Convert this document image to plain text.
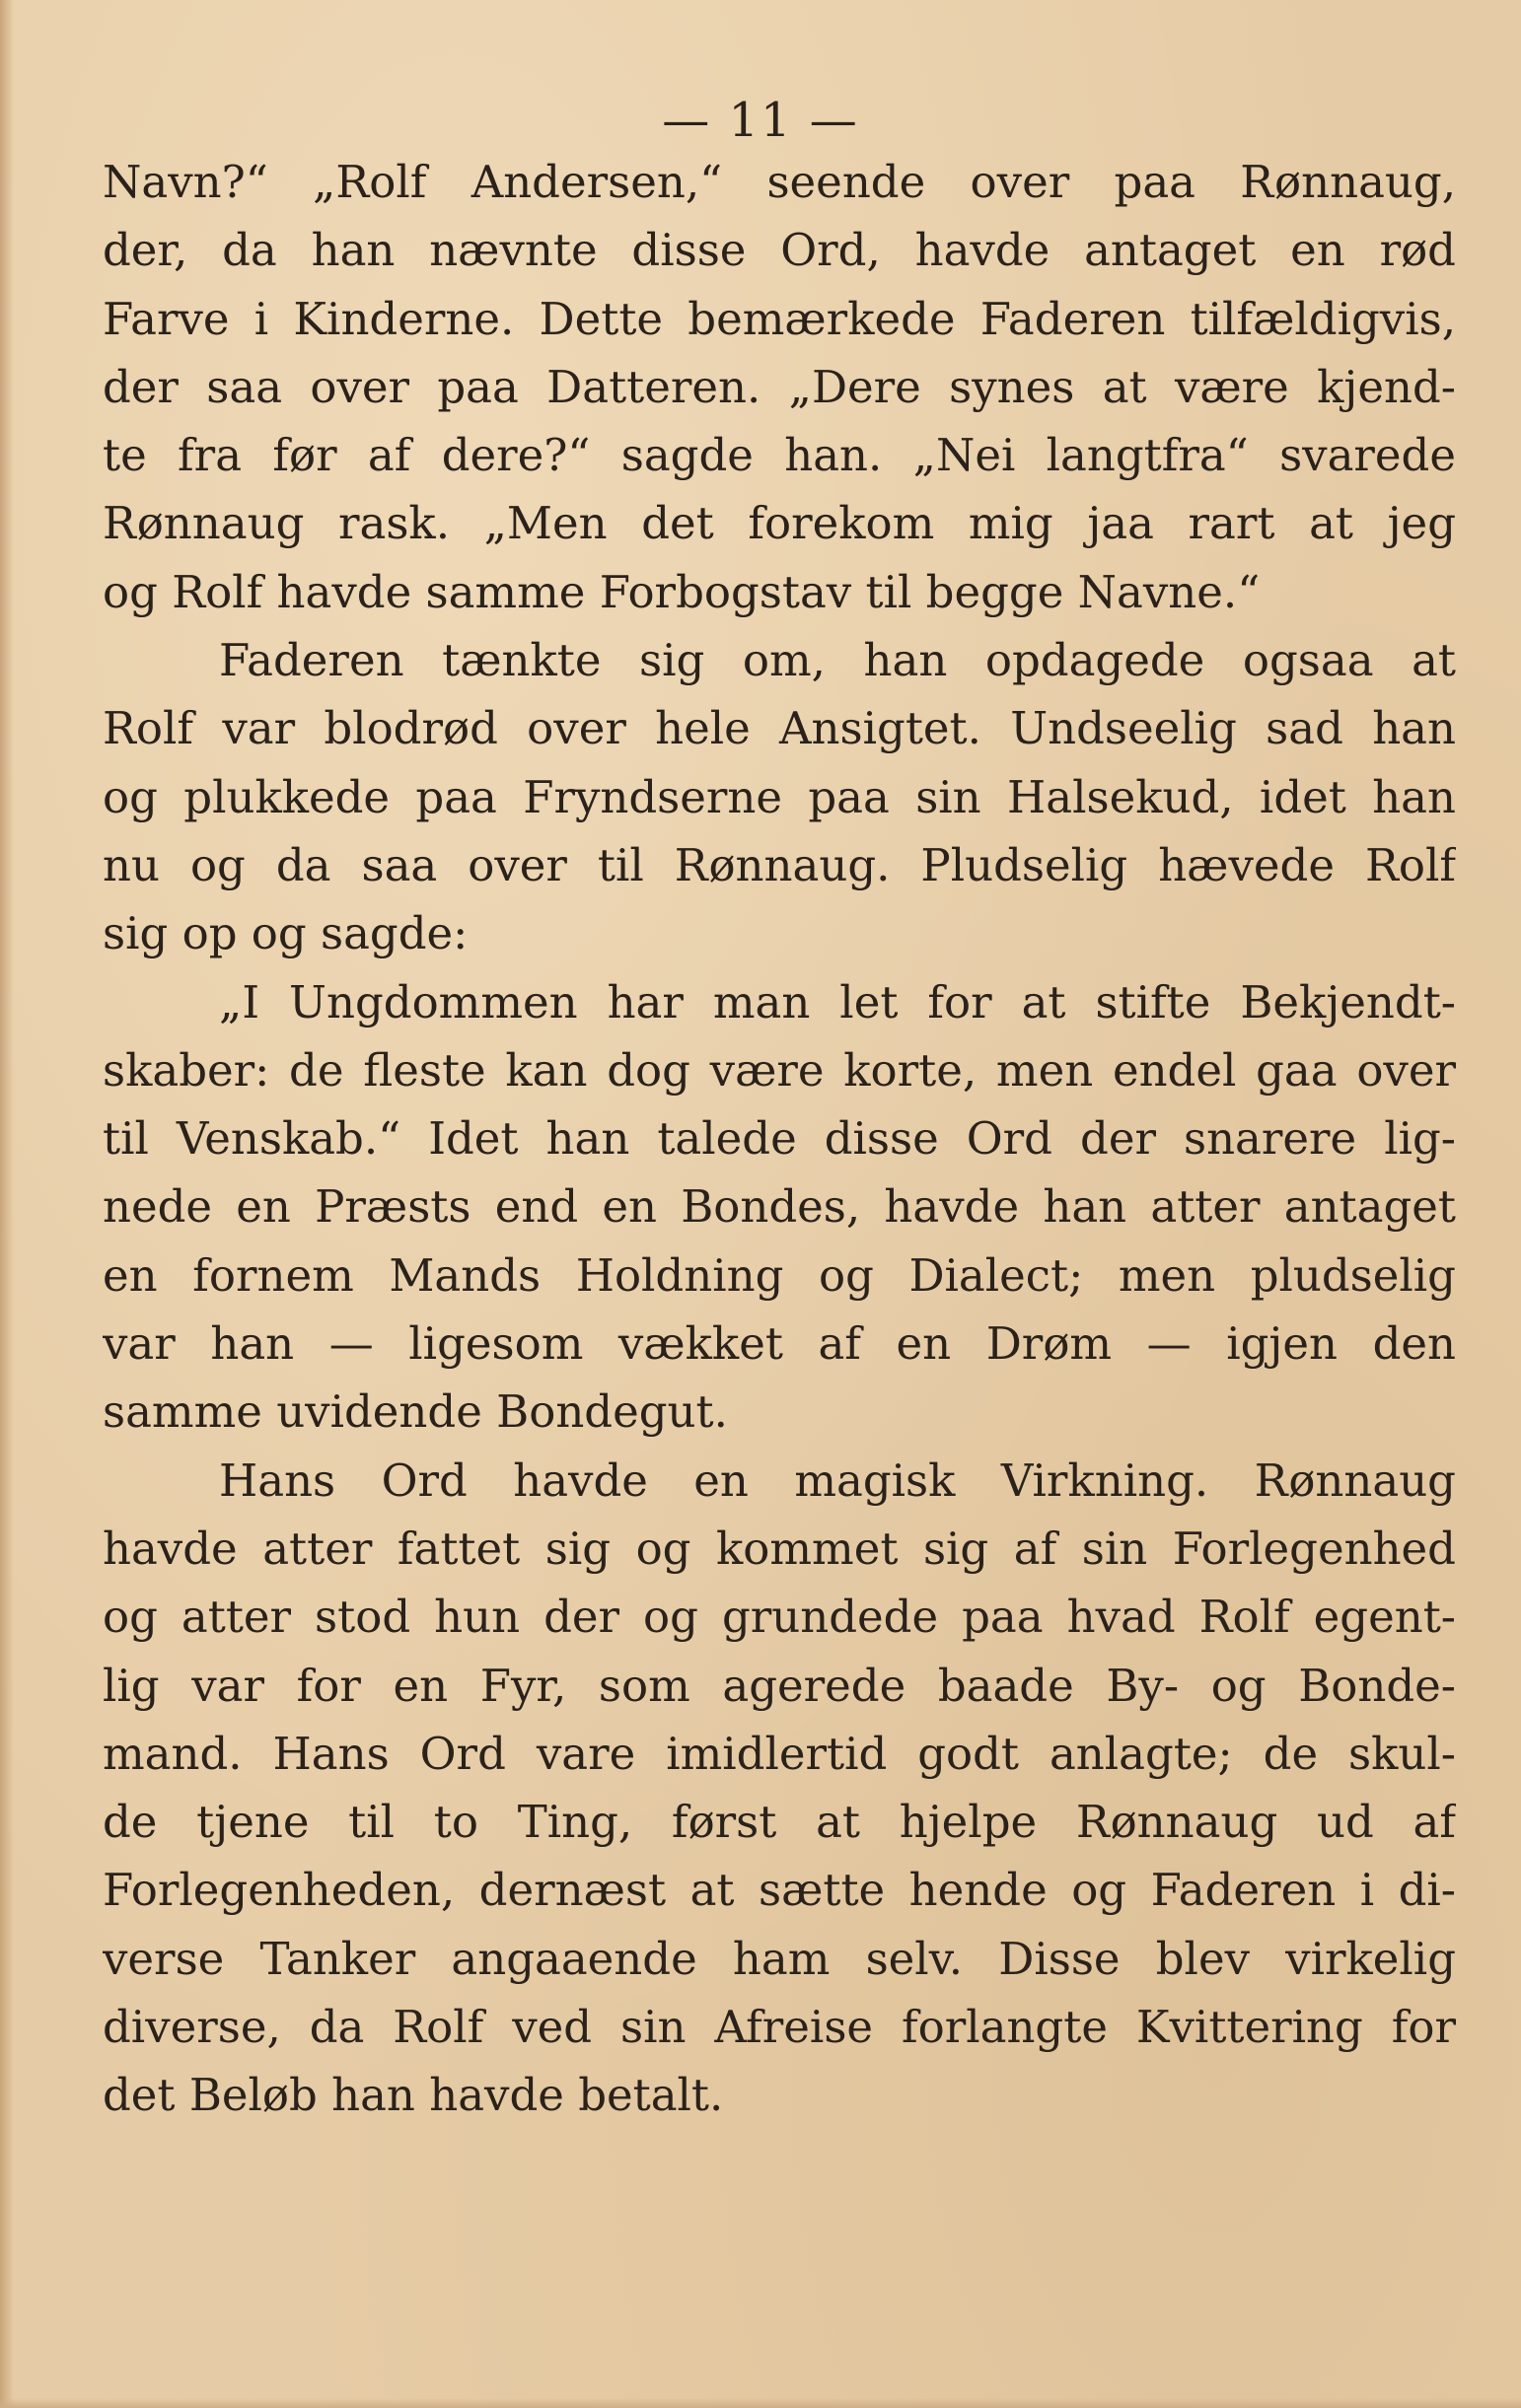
— 11 —
Navn?“ „Rolf Andersen,“ seende over paa Rønnaug,
der, da han nævnte disse Ord, havde antaget en rød
Farve i Kinderne. Dette bemærkede Faderen tilfældigvis,
der saa over paa Datteren. „Dere synes at være kjend-
te fra før af dere?“ sagde han. „Nei langtfra“ svarede
Rønnaug rask. „Men det forekom mig jaa rart at jeg
og Rolf havde samme Forbogstav til begge Navne.“
Faderen tænkte sig om, han opdagede ogsaa at
Rolf var blodrød over hele Ansigtet. Undseelig sad han
og plukkede paa Fryndserne paa sin Halsekud, idet han
nu og da saa over til Rønnaug. Pludselig hævede Rolf
sig op og sagde:
„I Ungdommen har man let for at stifte Bekjendt-
skaber: de fleste kan dog være korte, men endel gaa over
til Venskab.“ Idet han talede disse Ord der snarere lig-
nede en Præsts end en Bondes, havde han atter antaget
en fornem Mands Holdning og Dialect; men pludselig
var han — ligesom vækket af en Drøm — igjen den
samme uvidende Bondegut.
Hans Ord havde en magisk Virkning. Rønnaug
havde atter fattet sig og kommet sig af sin Forlegenhed
og atter stod hun der og grundede paa hvad Rolf egent-
lig var for en Fyr, som agerede baade By- og Bonde-
mand. Hans Ord vare imidlertid godt anlagte; de skul-
de tjene til to Ting, først at hjelpe Rønnaug ud af
Forlegenheden, dernæst at sætte hende og Faderen i di-
verse Tanker angaaende ham selv. Disse blev virkelig
diverse, da Rolf ved sin Afreise forlangte Kvittering for
det Beløb han havde betalt.
